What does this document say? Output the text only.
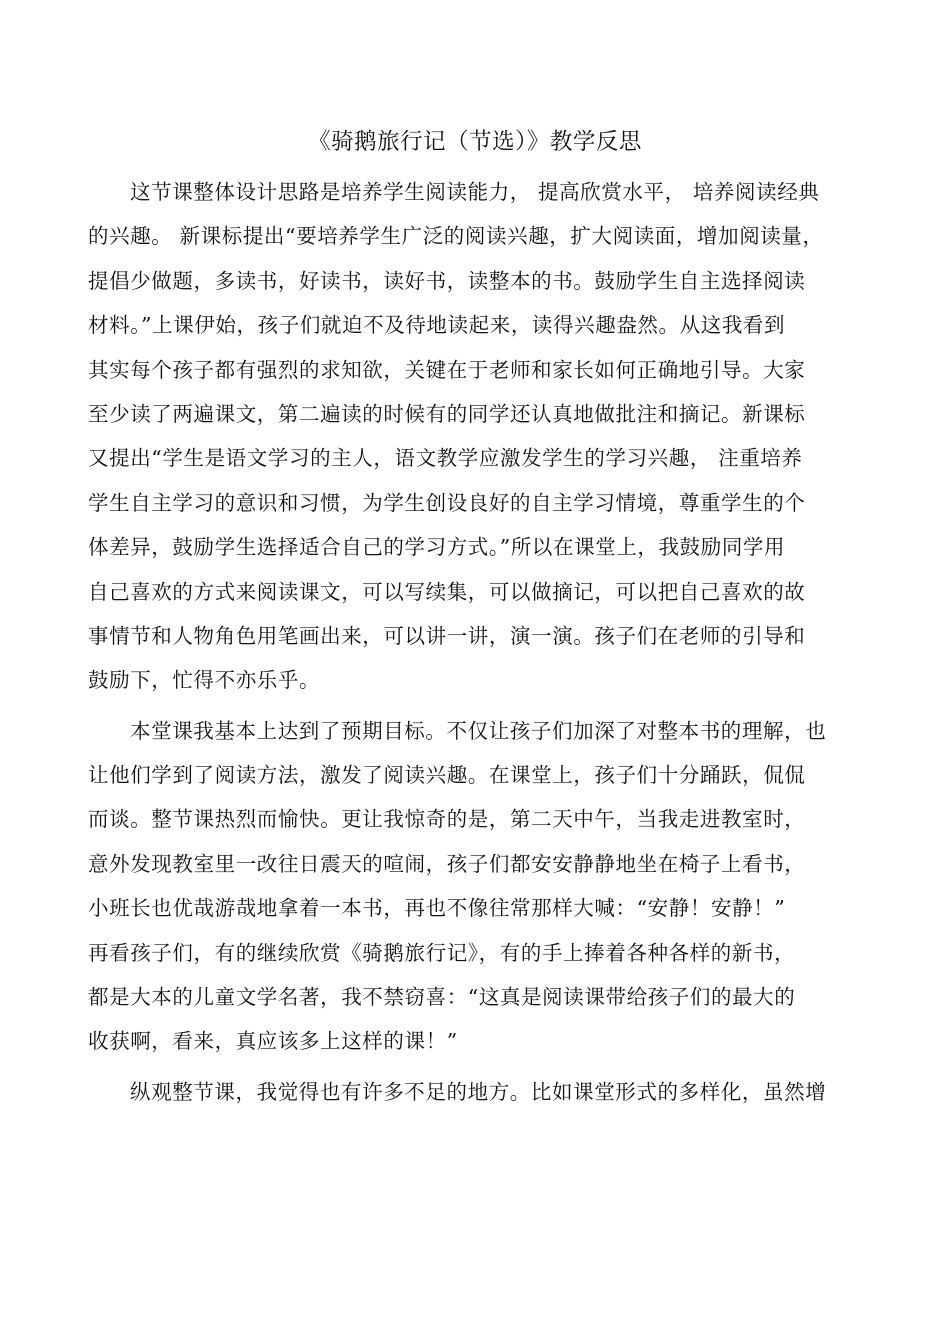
《骑鹅旅行记（节选）》教学反思
这节课整体设计思路是培养学生阅读能力， 提高欣赏水平， 培养阅读经典
的兴趣。 新课标提出“要培养学生广泛的阅读兴趣，扩大阅读面，增加阅读量，
提倡少做题，多读书，好读书，读好书，读整本的书。鼓励学生自主选择阅读
材料。”上课伊始，孩子们就迫不及待地读起来，读得兴趣盎然。从这我看到
其实每个孩子都有强烈的求知欲，关键在于老师和家长如何正确地引导。大家
至少读了两遍课文，第二遍读的时候有的同学还认真地做批注和摘记。新课标
又提出“学生是语文学习的主人，语文教学应激发学生的学习兴趣， 注重培养
学生自主学习的意识和习惯，为学生创设良好的自主学习情境，尊重学生的个
体差异，鼓励学生选择适合自己的学习方式。”所以在课堂上，我鼓励同学用
自己喜欢的方式来阅读课文，可以写续集，可以做摘记，可以把自己喜欢的故
事情节和人物角色用笔画出来，可以讲一讲，演一演。孩子们在老师的引导和
鼓励下，忙得不亦乐乎。
本堂课我基本上达到了预期目标。不仅让孩子们加深了对整本书的理解，也
让他们学到了阅读方法，激发了阅读兴趣。在课堂上，孩子们十分踊跃，侃侃
而谈。整节课热烈而愉快。更让我惊奇的是，第二天中午，当我走进教室时，
意外发现教室里一改往日震天的喧闹，孩子们都安安静静地坐在椅子上看书，
小班长也优哉游哉地拿着一本书，再也不像往常那样大喊：“安静！安静！”
再看孩子们，有的继续欣赏《骑鹅旅行记》，有的手上捧着各种各样的新书，
都是大本的儿童文学名著，我不禁窃喜：“这真是阅读课带给孩子们的最大的
收获啊，看来，真应该多上这样的课！”
纵观整节课，我觉得也有许多不足的地方。比如课堂形式的多样化，虽然增
